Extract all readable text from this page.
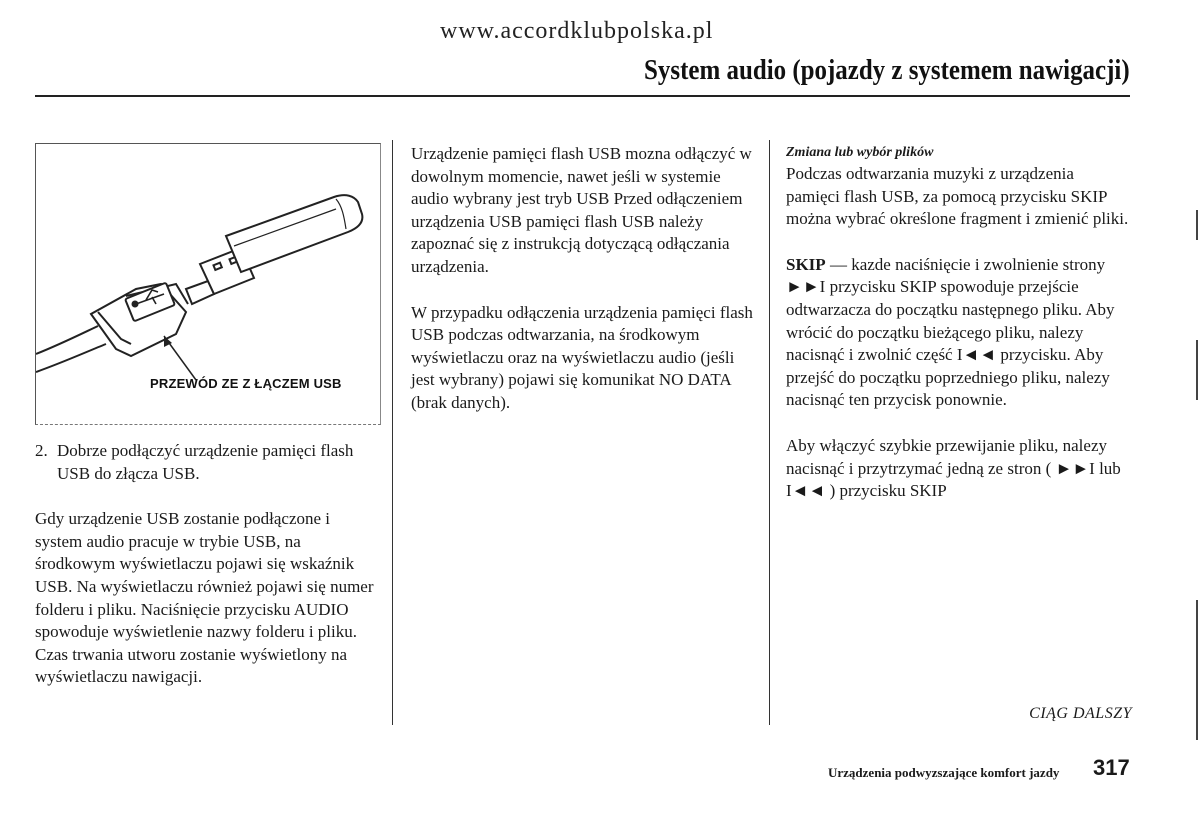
www.accordklubpolska.pl
System audio (pojazdy z systemem nawigacji)
PRZEWÓD ZE Z ŁĄCZEM USB
2. Dobrze podłączyć urządzenie pamięci flash USB do złącza USB.

Gdy urządzenie USB zostanie podłączone i system audio pracuje w trybie USB, na środkowym wyświetlaczu pojawi się wskaźnik USB. Na wyświetlaczu również pojawi się numer folderu i pliku. Naciśnięcie przycisku AUDIO spowoduje wyświetlenie nazwy folderu i pliku. Czas trwania utworu zostanie wyświetlony na wyświetlaczu nawigacji.

Urządzenie pamięci flash USB mozna odłączyć w dowolnym momencie, nawet jeśli w systemie audio wybrany jest tryb USB Przed odłączeniem urządzenia USB pamięci flash USB należy zapoznać się z instrukcją dotyczącą odłączania urządzenia.

W przypadku odłączenia urządzenia pamięci flash USB podczas odtwarzania, na środkowym wyświetlaczu oraz na wyświetlaczu audio (jeśli jest wybrany) pojawi się komunikat NO DATA (brak danych).

Zmiana lub wybór plików

Podczas odtwarzania muzyki z urządzenia pamięci flash USB, za pomocą przycisku SKIP można wybrać określone fragment i zmienić pliki.

SKIP — kazde naciśnięcie i zwolnienie strony ►►I przycisku SKIP spowoduje przejście odtwarzacza do początku następnego pliku. Aby wrócić do początku bieżącego pliku, nalezy nacisnąć i zwolnić część I◄◄ przycisku. Aby przejść do początku poprzedniego pliku, nalezy nacisnąć ten przycisk ponownie.

Aby włączyć szybkie przewijanie pliku, nalezy nacisnąć i przytrzymać jedną ze stron ( ►►I lub I◄◄ ) przycisku SKIP

CIĄG DALSZY
Urządzenia podwyzszające komfort jazdy 317
